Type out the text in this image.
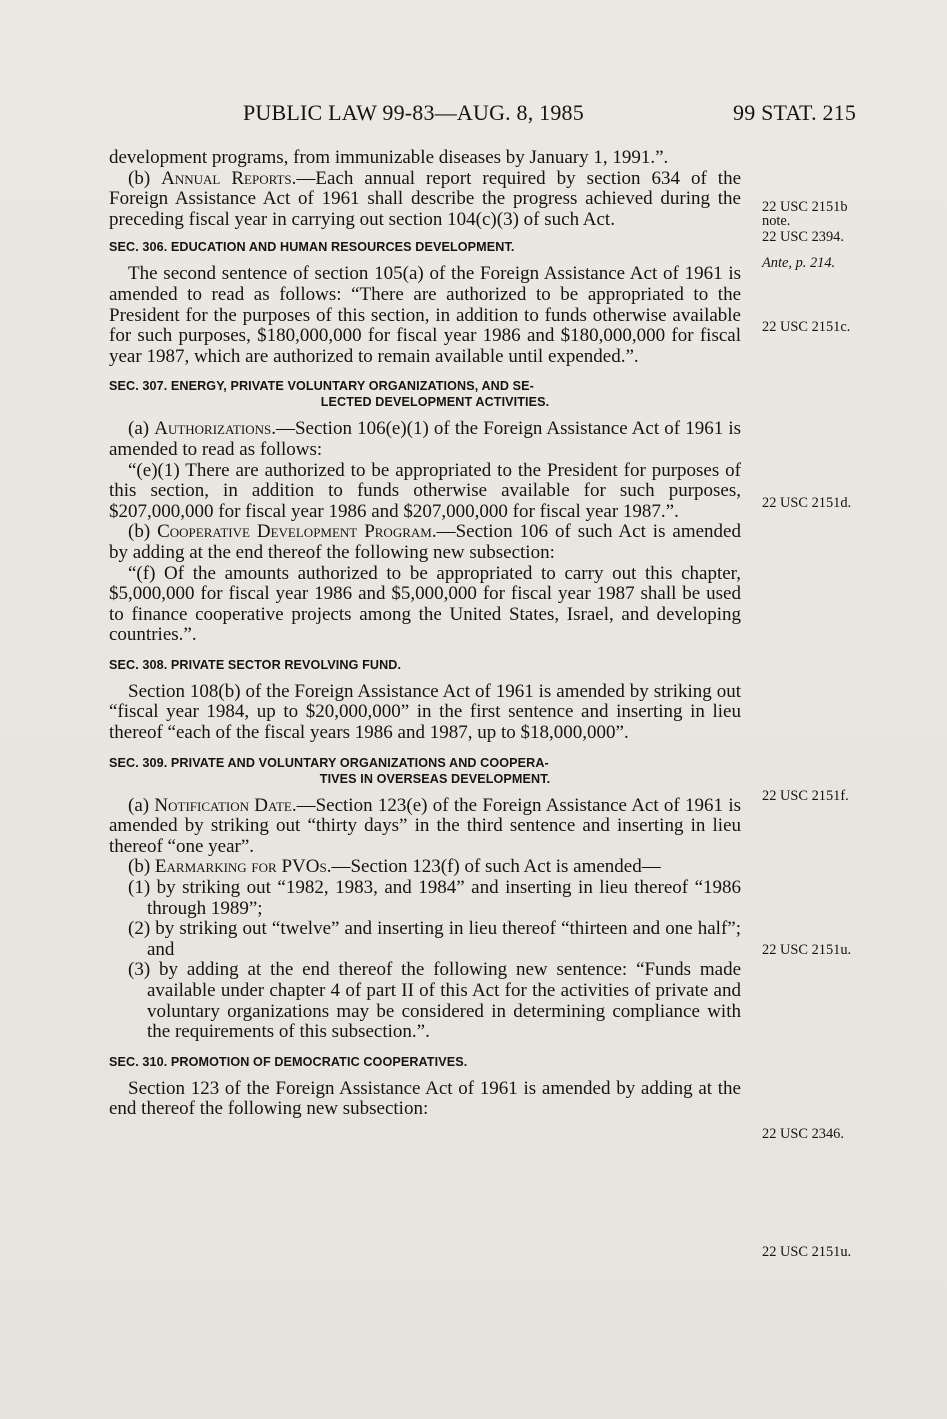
PUBLIC LAW 99-83—AUG. 8, 1985	99 STAT. 215

development programs, from immunizable diseases by January 1, 1991.”.

(b) Annual Reports.—Each annual report required by section 634 of the Foreign Assistance Act of 1961 shall describe the progress achieved during the preceding fiscal year in carrying out section 104(c)(3) of such Act.

SEC. 306. EDUCATION AND HUMAN RESOURCES DEVELOPMENT.

The second sentence of section 105(a) of the Foreign Assistance Act of 1961 is amended to read as follows: “There are authorized to be appropriated to the President for the purposes of this section, in addition to funds otherwise available for such purposes, $180,000,000 for fiscal year 1986 and $180,000,000 for fiscal year 1987, which are authorized to remain available until expended.”.

SEC. 307. ENERGY, PRIVATE VOLUNTARY ORGANIZATIONS, AND SE-
LECTED DEVELOPMENT ACTIVITIES.

(a) Authorizations.—Section 106(e)(1) of the Foreign Assistance Act of 1961 is amended to read as follows:

“(e)(1) There are authorized to be appropriated to the President for purposes of this section, in addition to funds otherwise available for such purposes, $207,000,000 for fiscal year 1986 and $207,000,000 for fiscal year 1987.”.

(b) Cooperative Development Program.—Section 106 of such Act is amended by adding at the end thereof the following new subsection:

“(f) Of the amounts authorized to be appropriated to carry out this chapter, $5,000,000 for fiscal year 1986 and $5,000,000 for fiscal year 1987 shall be used to finance cooperative projects among the United States, Israel, and developing countries.”.

SEC. 308. PRIVATE SECTOR REVOLVING FUND.

Section 108(b) of the Foreign Assistance Act of 1961 is amended by striking out “fiscal year 1984, up to $20,000,000” in the first sentence and inserting in lieu thereof “each of the fiscal years 1986 and 1987, up to $18,000,000”.

SEC. 309. PRIVATE AND VOLUNTARY ORGANIZATIONS AND COOPERA-
TIVES IN OVERSEAS DEVELOPMENT.

(a) Notification Date.—Section 123(e) of the Foreign Assistance Act of 1961 is amended by striking out “thirty days” in the third sentence and inserting in lieu thereof “one year”.

(b) Earmarking for PVOs.—Section 123(f) of such Act is amended—

(1) by striking out “1982, 1983, and 1984” and inserting in lieu thereof “1986 through 1989”;

(2) by striking out “twelve” and inserting in lieu thereof “thirteen and one half”; and

(3) by adding at the end thereof the following new sentence: “Funds made available under chapter 4 of part II of this Act for the activities of private and voluntary organizations may be considered in determining compliance with the requirements of this subsection.”.

SEC. 310. PROMOTION OF DEMOCRATIC COOPERATIVES.

Section 123 of the Foreign Assistance Act of 1961 is amended by adding at the end thereof the following new subsection:

22 USC 2151b
note.
22 USC 2394.
Ante, p. 214.
22 USC 2151c.
22 USC 2151d.
22 USC 2151f.
22 USC 2151u.
22 USC 2346.
22 USC 2151u.
